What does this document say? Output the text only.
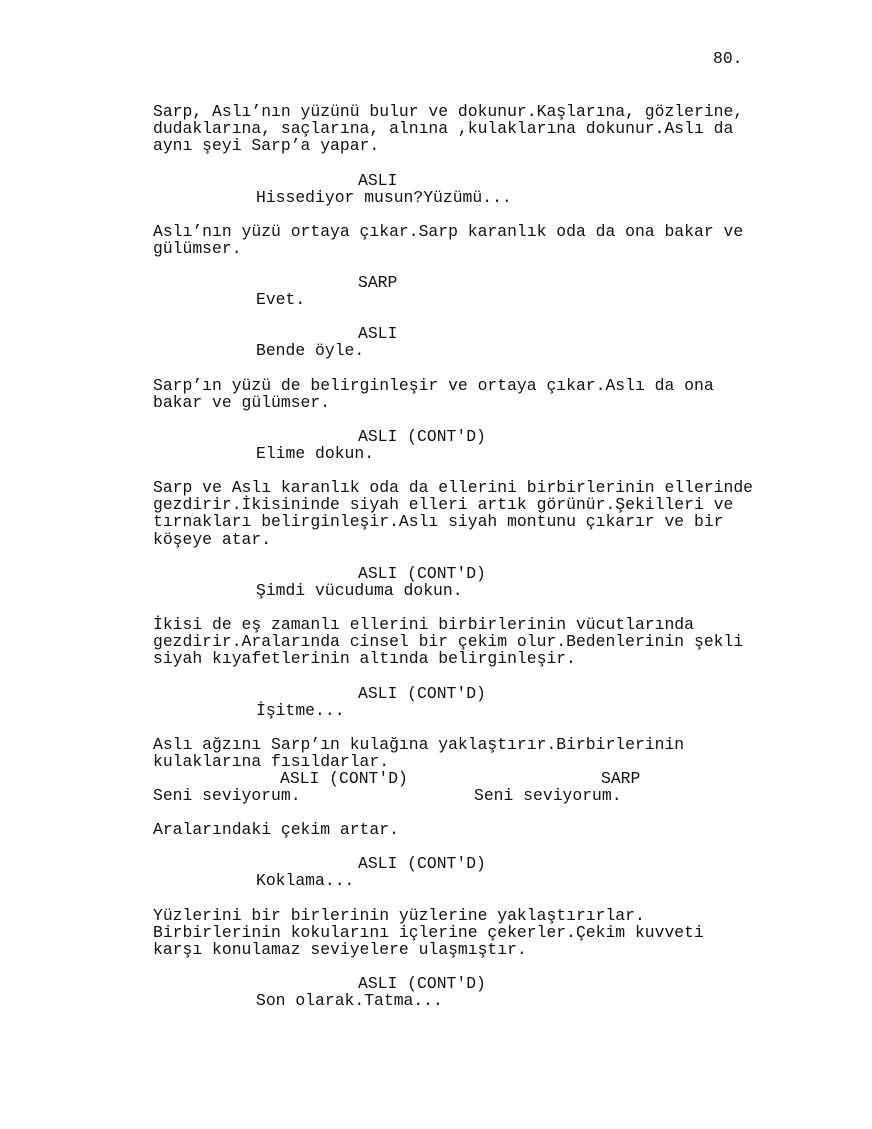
80.
Sarp, Aslı’nın yüzünü bulur ve dokunur.Kaşlarına, gözlerine,
dudaklarına, saçlarına, alnına ,kulaklarına dokunur.Aslı da
aynı şeyi Sarp’a yapar.
ASLI
Hissediyor musun?Yüzümü...
Aslı’nın yüzü ortaya çıkar.Sarp karanlık oda da ona bakar ve
gülümser.
SARP
Evet.
ASLI
Bende öyle.
Sarp’ın yüzü de belirginleşir ve ortaya çıkar.Aslı da ona
bakar ve gülümser.
ASLI (CONT'D)
Elime dokun.
Sarp ve Aslı karanlık oda da ellerini birbirlerinin ellerinde
gezdirir.İkisininde siyah elleri artık görünür.Şekilleri ve
tırnakları belirginleşir.Aslı siyah montunu çıkarır ve bir
köşeye atar.
ASLI (CONT'D)
Şimdi vücuduma dokun.
İkisi de eş zamanlı ellerini birbirlerinin vücutlarında
gezdirir.Aralarında cinsel bir çekim olur.Bedenlerinin şekli
siyah kıyafetlerinin altında belirginleşir.
ASLI (CONT'D)
İşitme...
Aslı ağzını Sarp’ın kulağına yaklaştırır.Birbirlerinin
kulaklarına fısıldarlar.
ASLI (CONT'D)	SARP
Seni seviyorum.	Seni seviyorum.
Aralarındaki çekim artar.
ASLI (CONT'D)
Koklama...
Yüzlerini bir birlerinin yüzlerine yaklaştırırlar.
Birbirlerinin kokularını içlerine çekerler.Çekim kuvveti
karşı konulamaz seviyelere ulaşmıştır.
ASLI (CONT'D)
Son olarak.Tatma...
